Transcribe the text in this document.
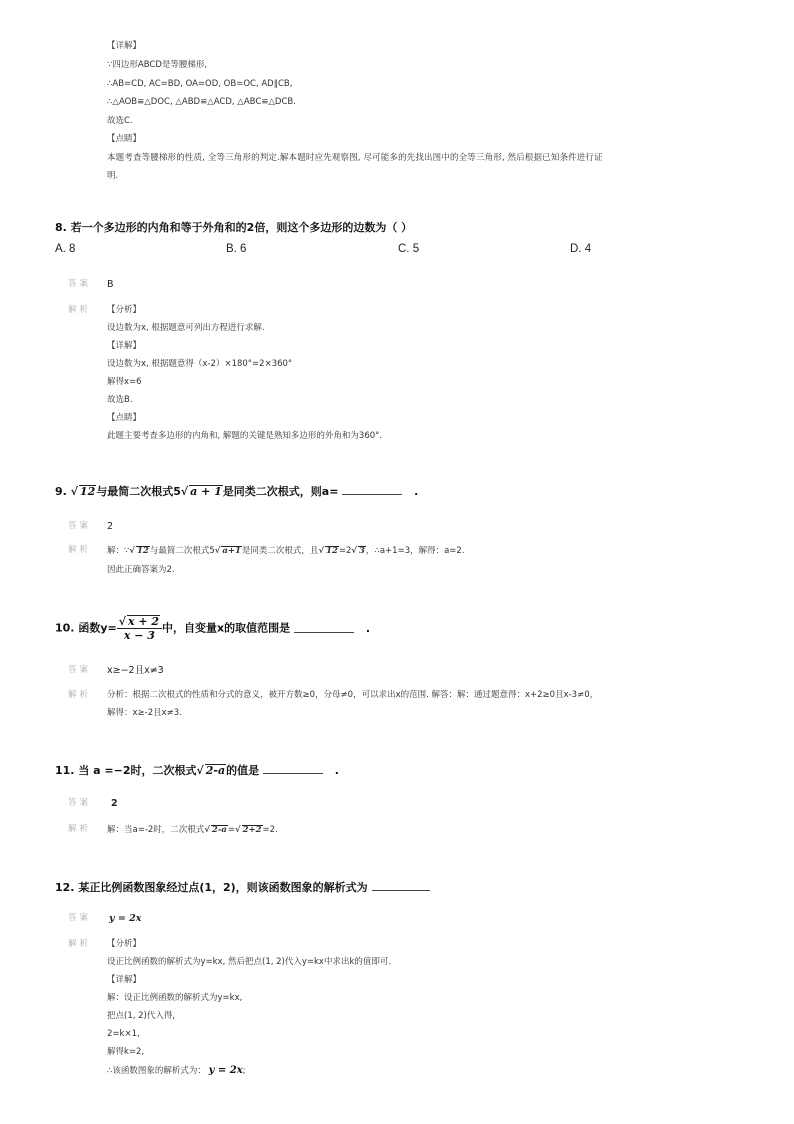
【详解】
∵四边形ABCD是等腰梯形,
∴AB=CD, AC=BD, OA=OD, OB=OC, AD∥CB,
∴△AOB≌△DOC, △ABD≌△ACD, △ABC≌△DCB.
故选C.
【点睛】
本题考查等腰梯形的性质, 全等三角形的判定.解本题时应先观察图, 尽可能多的先找出图中的全等三角形, 然后根据已知条件进行证
明.
8. 若一个多边形的内角和等于外角和的2倍，则这个多边形的边数为（ ）
A. 8	B. 6	C. 5	D. 4
答案 B
解析 【分析】
设边数为x, 根据题意可列出方程进行求解.
【详解】
设边数为x, 根据题意得（x-2）×180°=2×360°
解得x=6
故选B.
【点睛】
此题主要考查多边形的内角和, 解题的关键是熟知多边形的外角和为360°.
9. √ 12与最简二次根式5√ a + 1是同类二次根式，则a=	.
答案 2
解析 解：∵√ 12与最简二次根式5√ a+1是同类二次根式，且√ 12=2√ 3，∴a+1=3，解得：a=2.
因此正确答案为2.
10. 函数$y= \frac{√ x + 2}{x - 3}$ 中，自变量x的取值范围是	.
答案 x≥−2且x≠3
解析 分析：根据二次根式的性质和分式的意义，被开方数≥0，分母≠0，可以求出x的范围. 解答：解：通过题意得：x+2≥0且x-3≠0，
解得：x≥-2且x≠3.
11. 当 a =−2时，二次根式√ 2-a的值是	.
答案 2
解析 解：当a=-2时，二次根式√ 2-a=√ 2+2=2.
12. 某正比例函数图象经过点(1，2)，则该函数图象的解析式为
答案 y = 2x
解析 【分析】
设正比例函数的解析式为y=kx, 然后把点(1, 2)代入y=kx中求出k的值即可.
【详解】
解：设正比例函数的解析式为y=kx,
把点(1, 2)代入得,
2=k×1,
解得k=2,
∴该函数图象的解析式为： y = 2x;
